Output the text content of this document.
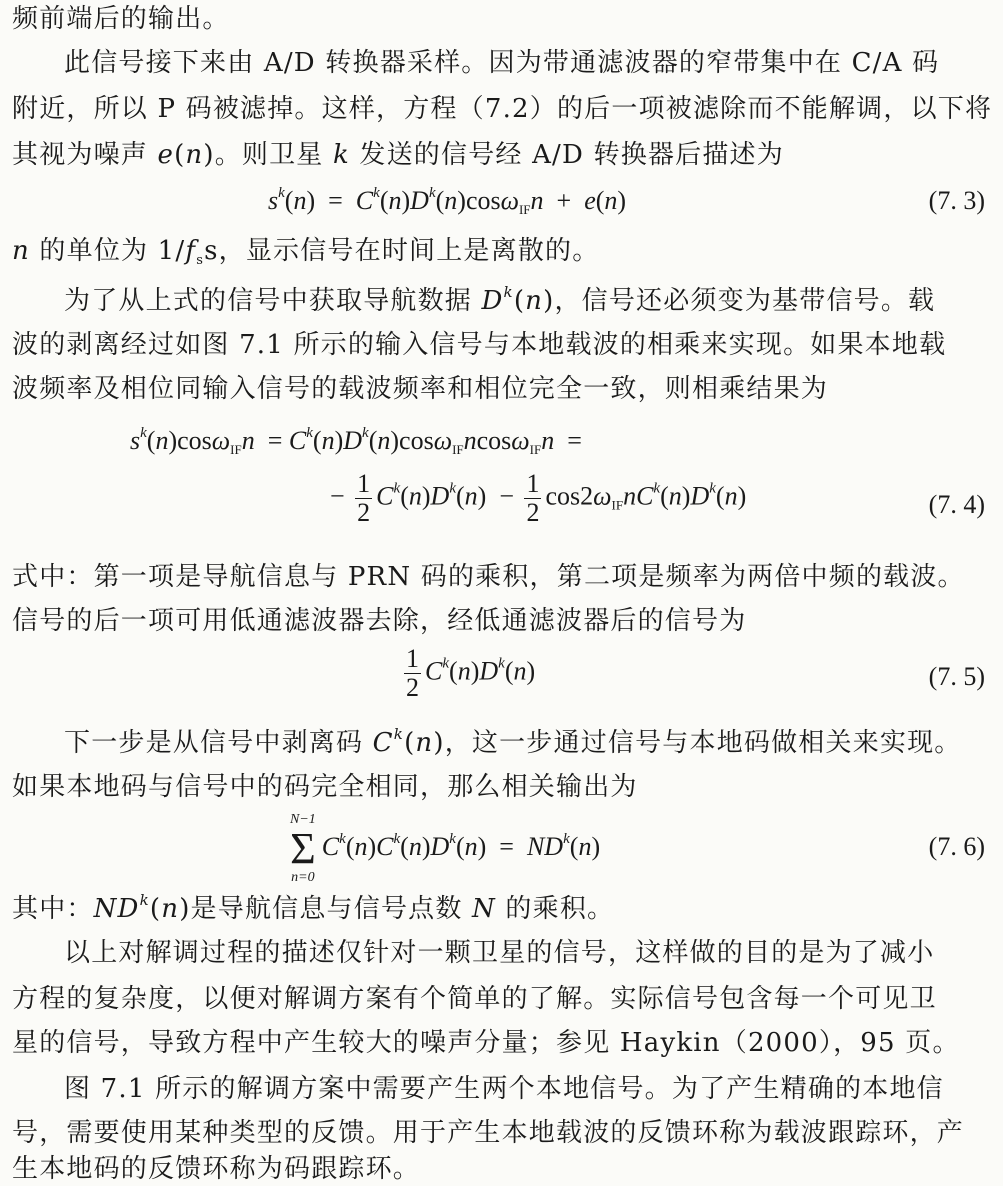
频前端后的输出。
此信号接下来由 A/D 转换器采样。因为带通滤波器的窄带集中在 C/A 码
附近，所以 P 码被滤掉。这样，方程（7.2）的后一项被滤除而不能解调，以下将
其视为噪声 e(n)。则卫星 k 发送的信号经 A/D 转换器后描述为
$s^k(n) = C^k(n)D^k(n)\cos\omega_{IF}n + e(n)$	(7. 3)
n 的单位为 $1/f_ss$，显示信号在时间上是离散的。
为了从上式的信号中获取导航数据 $D^k(n)$，信号还必须变为基带信号。载
波的剥离经过如图 7.1 所示的输入信号与本地载波的相乘来实现。如果本地载
波频率及相位同输入信号的载波频率和相位完全一致，则相乘结果为
$s^k(n)\cos\omega_{IF}n = C^k(n)D^k(n)\cos\omega_{IF}ncos\omega_{IF}n$  =
− $\frac{1}{2} C^k(n)D^k(n) - \frac{1}{2} \cos 2\omega_{IF}nC^k(n)D^k(n)$	(7. 4)
式中：第一项是导航信息与 PRN 码的乘积，第二项是频率为两倍中频的载波。
信号的后一项可用低通滤波器去除，经低通滤波器后的信号为
$\frac{1}{2} C^k(n)D^k(n)$	(7. 5)
下一步是从信号中剥离码 $C^k(n)$，这一步通过信号与本地码做相关来实现。
如果本地码与信号中的码完全相同，那么相关输出为
N−1
Σ
n=0
$C^k(n)C^k(n)D^k(n) = ND^k(n)$	(7. 6)
其中：$ND^k(n)$是导航信息与信号点数 N 的乘积。
以上对解调过程的描述仅针对一颗卫星的信号，这样做的目的是为了减小
方程的复杂度，以便对解调方案有个简单的了解。实际信号包含每一个可见卫
星的信号，导致方程中产生较大的噪声分量；参见 Haykin（2000），95 页。
图 7.1 所示的解调方案中需要产生两个本地信号。为了产生精确的本地信
号，需要使用某种类型的反馈。用于产生本地载波的反馈环称为载波跟踪环，产
生本地码的反馈环称为码跟踪环。
